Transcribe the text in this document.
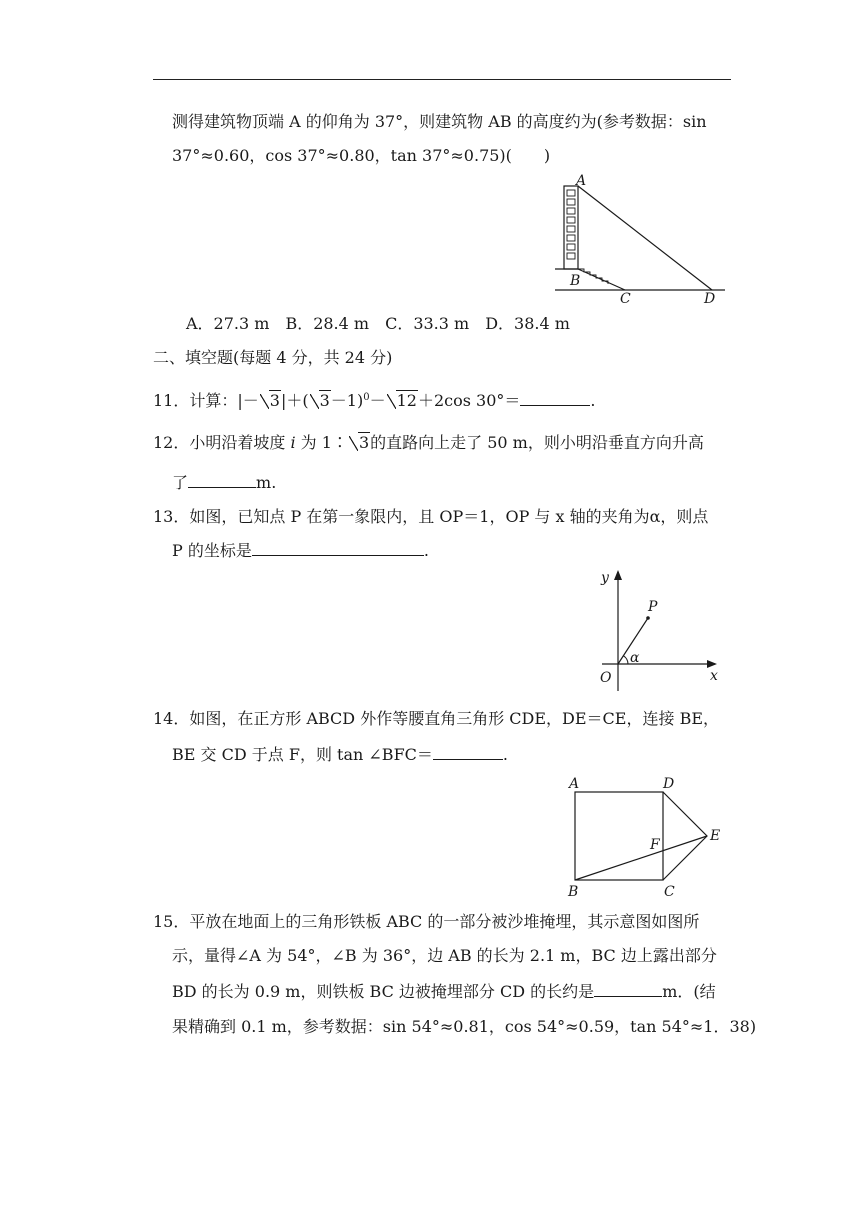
测得建筑物顶端 A 的仰角为 37°，则建筑物 AB 的高度约为(参考数据：sin
37°≈0.60，cos 37°≈0.80，tan 37°≈0.75)(　　)
A
B
C	D
A．27.3 m　B．28.4 m　C．33.3 m　D．38.4 m
二、填空题(每题 4 分，共 24 分)
11．计算：|－ 3|＋( 3－1)$^0$－ 12＋2cos 30°＝	.
12．小明沿着坡度 i 为 1∶ 3的直路向上走了 50 m，则小明沿垂直方向升高
了	m.
13．如图，已知点 P 在第一象限内，且 OP＝1，OP 与 x 轴的夹角为α，则点
P 的坐标是	.
y
x
O
P
α
14．如图，在正方形 ABCD 外作等腰直角三角形 CDE，DE＝CE，连接 BE，
BE 交 CD 于点 F，则 tan ∠BFC＝	.
A	D
E
F
B	C
15．平放在地面上的三角形铁板 ABC 的一部分被沙堆掩埋，其示意图如图所
示，量得∠A 为 54°，∠B 为 36°，边 AB 的长为 2.1 m，BC 边上露出部分
BD 的长为 0.9 m，则铁板 BC 边被掩埋部分 CD 的长约是	m．(结
果精确到 0.1 m，参考数据：sin 54°≈0.81，cos 54°≈0.59，tan 54°≈1．38)
